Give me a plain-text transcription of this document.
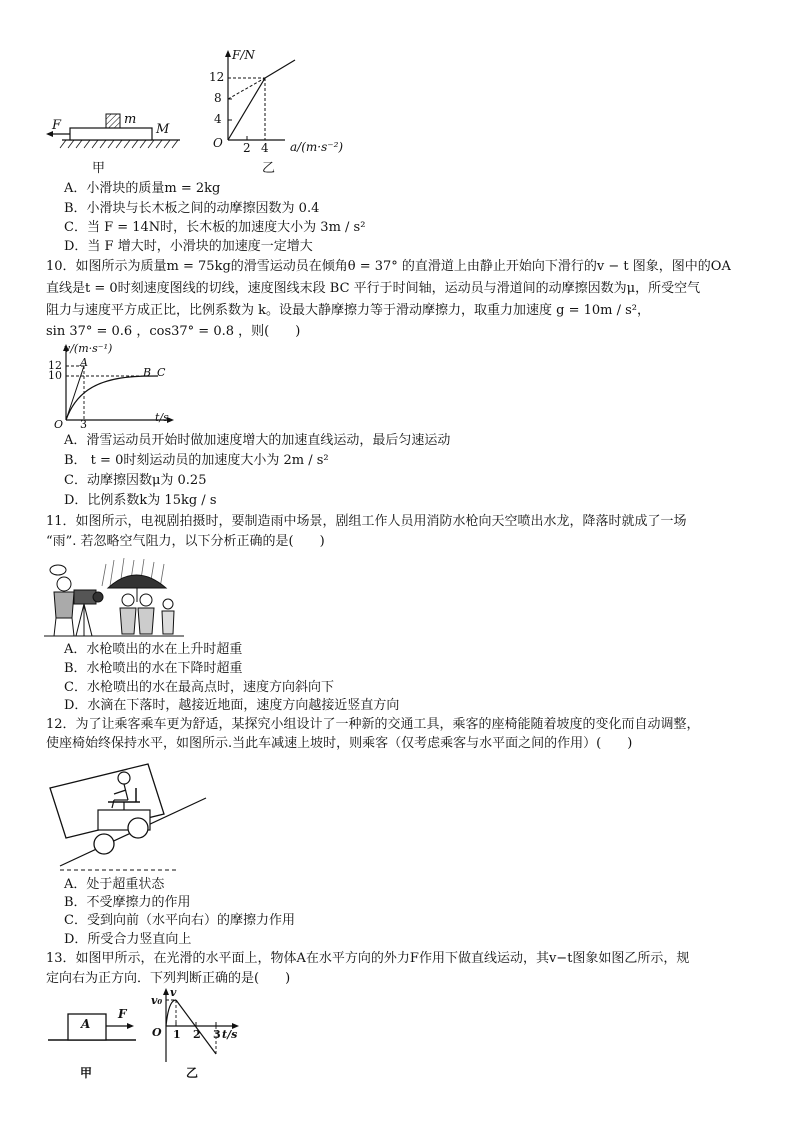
F	m
M
甲
F/N
12
8
4
O 2 4 a/(m·s⁻²)
乙
A．小滑块的质量m = 2kg
B．小滑块与长木板之间的动摩擦因数为 0.4
C．当 F = 14N时，长木板的加速度大小为 3m / s²
D．当 F 增大时，小滑块的加速度一定增大
10．如图所示为质量m = 75kg的滑雪运动员在倾角θ = 37° 的直滑道上由静止开始向下滑行的v − t 图象，图中的OA
直线是t = 0时刻速度图线的切线，速度图线末段 BC 平行于时间轴，运动员与滑道间的动摩擦因数为μ，所受空气
阻力与速度平方成正比，比例系数为 k。设最大静摩擦力等于滑动摩擦力，取重力加速度 g = 10m / s²，
sin 37° = 0.6 ，cos37° = 0.8 ，则(　　)
v/(m·s⁻¹)
12
10
A
B C
O 3
t/s
A．滑雪运动员开始时做加速度增大的加速直线运动，最后匀速运动
B． t = 0时刻运动员的加速度大小为 2m / s²
C．动摩擦因数μ为 0.25
D．比例系数k为 15kg / s
11．如图所示，电视剧拍摄时，要制造雨中场景，剧组工作人员用消防水枪向天空喷出水龙，降落时就成了一场
“雨”. 若忽略空气阻力，以下分析正确的是(　　)
A．水枪喷出的水在上升时超重
B．水枪喷出的水在下降时超重
C．水枪喷出的水在最高点时，速度方向斜向下
D．水滴在下落时，越接近地面，速度方向越接近竖直方向
12．为了让乘客乘车更为舒适，某探究小组设计了一种新的交通工具，乘客的座椅能随着坡度的变化而自动调整，
使座椅始终保持水平，如图所示.当此车减速上坡时，则乘客（仅考虑乘客与水平面之间的作用）(　　)
A．处于超重状态
B．不受摩擦力的作用
C．受到向前（水平向右）的摩擦力作用
D．所受合力竖直向上
13．如图甲所示，在光滑的水平面上，物体A在水平方向的外力F作用下做直线运动，其v−t图象如图乙所示，规
定向右为正方向．下列判断正确的是(　　)
A
F
甲
v
v₀
O 1 2 3 t/s
乙
